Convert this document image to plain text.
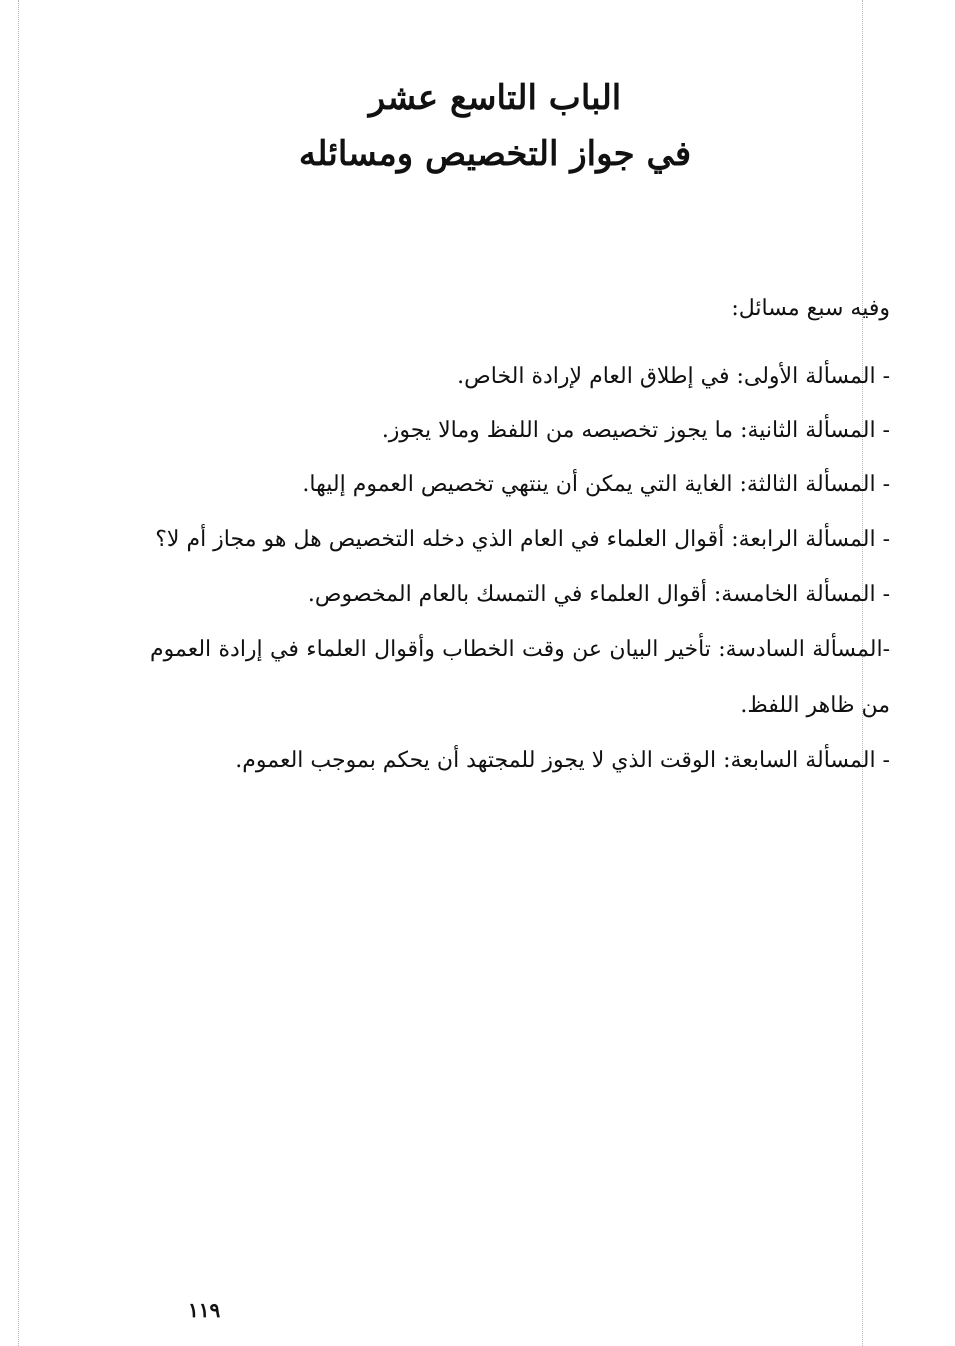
الباب التاسع عشر
في جواز التخصيص ومسائله

وفيه سبع مسائل:

- المسألة الأولى: في إطلاق العام لإرادة الخاص.
- المسألة الثانية: ما يجوز تخصيصه من اللفظ ومالا يجوز.
- المسألة الثالثة: الغاية التي يمكن أن ينتهي تخصيص العموم إليها.
- المسألة الرابعة: أقوال العلماء في العام الذي دخله التخصيص هل هو مجاز أم لا؟
- المسألة الخامسة: أقوال العلماء في التمسك بالعام المخصوص.
-المسألة السادسة: تأخير البيان عن وقت الخطاب وأقوال العلماء في إرادة العموم من ظاهر اللفظ.
- المسألة السابعة: الوقت الذي لا يجوز للمجتهد أن يحكم بموجب العموم.
١١٩
